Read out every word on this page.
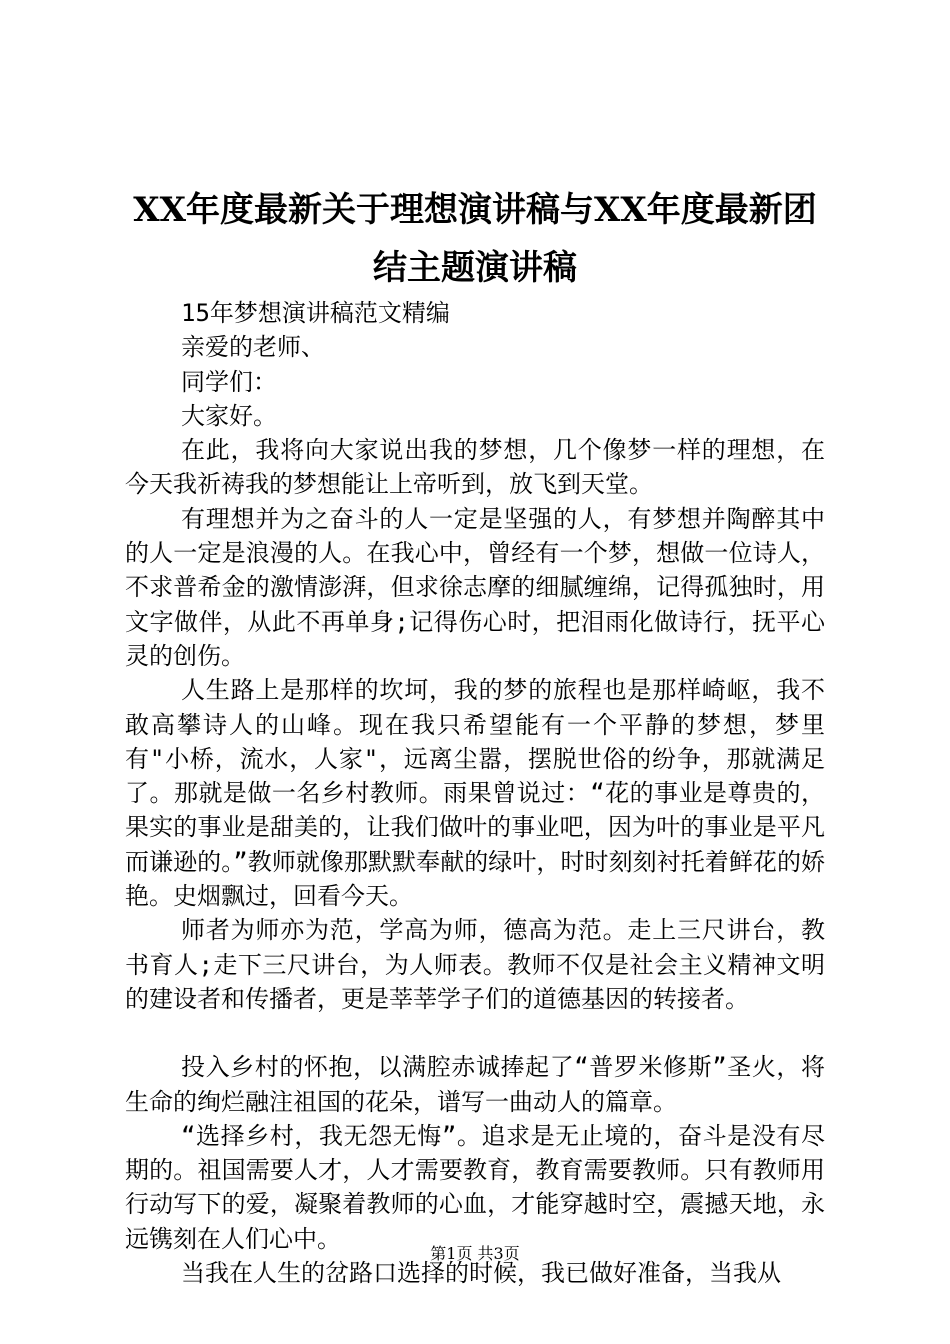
XX年度最新关于理想演讲稿与XX年度最新团
结主题演讲稿

15年梦想演讲稿范文精编

亲爱的老师、

同学们：

大家好。

在此，我将向大家说出我的梦想，几个像梦一样的理想，在今天我祈祷我的梦想能让上帝听到，放飞到天堂。

有理想并为之奋斗的人一定是坚强的人，有梦想并陶醉其中的人一定是浪漫的人。在我心中，曾经有一个梦，想做一位诗人，不求普希金的激情澎湃，但求徐志摩的细腻缠绵，记得孤独时，用文字做伴，从此不再单身;记得伤心时，把泪雨化做诗行，抚平心灵的创伤。

人生路上是那样的坎坷，我的梦的旅程也是那样崎岖，我不敢高攀诗人的山峰。现在我只希望能有一个平静的梦想，梦里有"小桥，流水，人家"，远离尘嚣，摆脱世俗的纷争，那就满足了。那就是做一名乡村教师。雨果曾说过：“花的事业是尊贵的，果实的事业是甜美的，让我们做叶的事业吧，因为叶的事业是平凡而谦逊的。”教师就像那默默奉献的绿叶，时时刻刻衬托着鲜花的娇艳。史烟飘过，回看今天。

师者为师亦为范，学高为师，德高为范。走上三尺讲台，教书育人;走下三尺讲台，为人师表。教师不仅是社会主义精神文明的建设者和传播者，更是莘莘学子们的道德基因的转接者。

投入乡村的怀抱，以满腔赤诚捧起了“普罗米修斯”圣火，将生命的绚烂融注祖国的花朵，谱写一曲动人的篇章。

“选择乡村，我无怨无悔”。追求是无止境的，奋斗是没有尽期的。祖国需要人才，人才需要教育，教育需要教师。只有教师用行动写下的爱，凝聚着教师的心血，才能穿越时空，震撼天地，永远镌刻在人们心中。

当我在人生的岔路口选择的时候，我已做好准备，当我从

第1页 共3页
